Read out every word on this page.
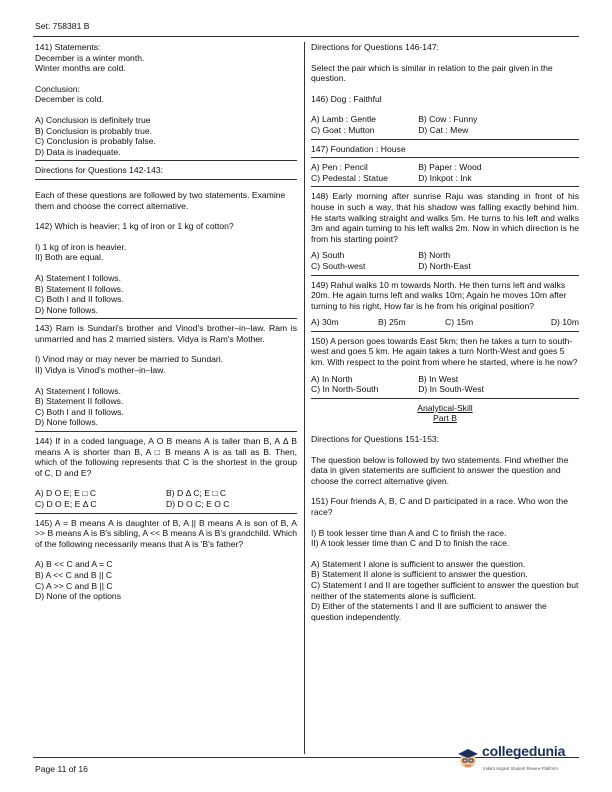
Set: 758381 B

141) Statements:

December is a winter month.

Winter months are cold.

Conclusion:

December is cold.

A) Conclusion is definitely true

B) Conclusion is probably true.

C) Conclusion is probably false.

D) Data is inadequate.

Directions for Questions 142-143:

Each of these questions are followed by two statements. Examine them and choose the correct alternative.

142) Which is heavier; 1 kg of iron or 1 kg of cotton?

I) 1 kg of iron is heavier.

II) Both are equal.

A) Statement I follows.

B) Statement II follows.

C) Both I and II follows.

D) None follows.

143) Ram is Sundari's brother and Vinod's brother–in–law. Ram is unmarried and has 2 married sisters. Vidya is Ram's Mother.

I) Vinod may or may never be married to Sundari.

II) Vidya is Vinod's mother–in–law.

A) Statement I follows.

B) Statement II follows.

C) Both I and II follows.

D) None follows.

144) If in a coded language, A O B means A is taller than B, A Δ B means A is shorter than B, A □ B means A is as tall as B. Then, which of the following represents that C is the shortest in the group of C, D and E?

A) D O E; E □ C	B) D Δ C; E □ C

C) D O E; E Δ C	D) D O C; E O C

145) A = B means A is daughter of B, A || B means A is son of B, A >> B means A is B's sibling, A << B means A is B's grandchild. Which of the following necessarily means that A is 'B's father?

A) B << C and A = C

B) A << C and B || C

C) A >> C and B || C

D) None of the options

Directions for Questions 146-147:

Select the pair which is similar in relation to the pair given in the question.

146) Dog : Faithful

A) Lamb : Gentle	B) Cow : Funny

C) Goat : Mutton	D) Cat : Mew

147) Foundation : House

A) Pen : Pencil	B) Paper : Wood

C) Pedestal : Statue	D) Inkpot : Ink

148) Early morning after sunrise Raju was standing in front of his house in such a way, that his shadow was falling exactly behind him. He starts walking straight and walks 5m. He turns to his left and walks 3m and again turning to his left walks 2m. Now in which direction is he from his starting point?

A) South	B) North

C) South-west	D) North-East

149) Rahul walks 10 m towards North. He then turns left and walks 20m. He again turns left and walks 10m; Again he moves 10m after turning to his right, How far is he from his original position?

A) 30m	B) 25m	C) 15m	D) 10m

150) A person goes towards East 5km; then he takes a turn to south-west and goes 5 km. He again takes a turn North-West and goes 5 km. With respect to the point from where he started, where is he now?

A) In North	B) In West

C) In North-South	D) In South-West

Analytical-Skill

Part B

Directions for Questions 151-153:

The question below is followed by two statements. Find whether the data in given statements are sufficient to answer the question and choose the correct alternative given.

151) Four friends A, B, C and D participated in a race. Who won the race?

I) B took lesser time than A and C to finish the race.

II) A took lesser time than C and D to finish the race.

A) Statement I alone is sufficient to answer the question.

B) Statement II alone is sufficient to answer the question.

C) Statement I and II are together sufficient to answer the question but neither of the statements alone is sufficient.

D) Either of the statements I and II are sufficient to answer the question independently.

Page 11 of 16
collegedunia
India's largest Student Review Platform
